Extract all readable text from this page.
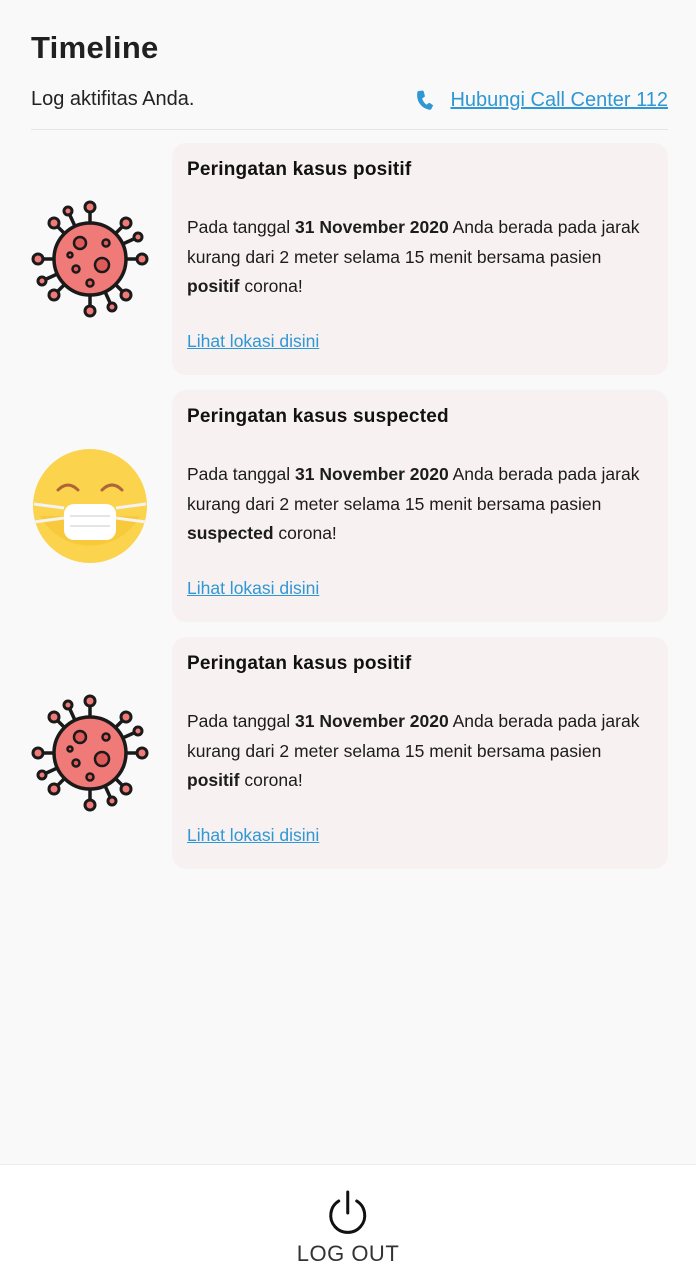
Timeline
Log aktifitas Anda.	Hubungi Call Center 112
Peringatan kasus positif

Pada tanggal 31 November 2020 Anda berada pada jarak kurang dari 2 meter selama 15 menit bersama pasien positif corona!

Lihat lokasi disini
Peringatan kasus suspected

Pada tanggal 31 November 2020 Anda berada pada jarak kurang dari 2 meter selama 15 menit bersama pasien suspected corona!

Lihat lokasi disini
Peringatan kasus positif

Pada tanggal 31 November 2020 Anda berada pada jarak kurang dari 2 meter selama 15 menit bersama pasien positif corona!

Lihat lokasi disini
LOG OUT
